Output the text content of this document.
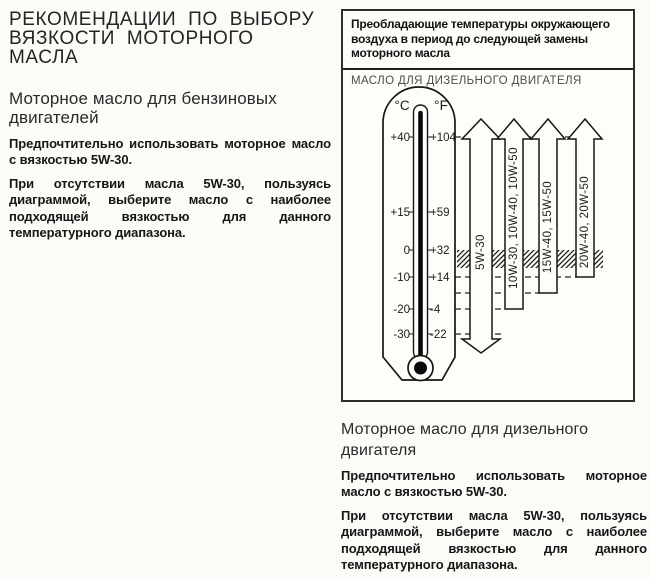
РЕКОМЕНДАЦИИ ПО ВЫБОРУ ВЯЗКОСТИ МОТОРНОГО МАСЛА
Моторное масло для бензиновых двигателей

Предпочтительно использовать моторное масло с вязкостью 5W-30.

При отсутствии масла 5W-30, пользуясь диаграммой, выберите масло с наиболее подходящей вязкостью для данного температурного диапазона.

Преобладающие температуры окружающего воздуха в период до следующей замены моторного масла
МАСЛО ДЛЯ ДИЗЕЛЬНОГО ДВИГАТЕЛЯ
°C °F
+40
+15
0
-10
-20
-30
+104
+59
+32
+14
-4
-22
5W-30 10W-30, 10W-40, 10W-50 15W-40, 15W-50 20W-40, 20W-50
Моторное масло для дизельного двигателя

Предпочтительно использовать моторное масло с вязкостью 5W-30.

При отсутствии масла 5W-30, пользуясь диаграммой, выберите масло с наиболее подходящей вязкостью для данного температурного диапазона.
